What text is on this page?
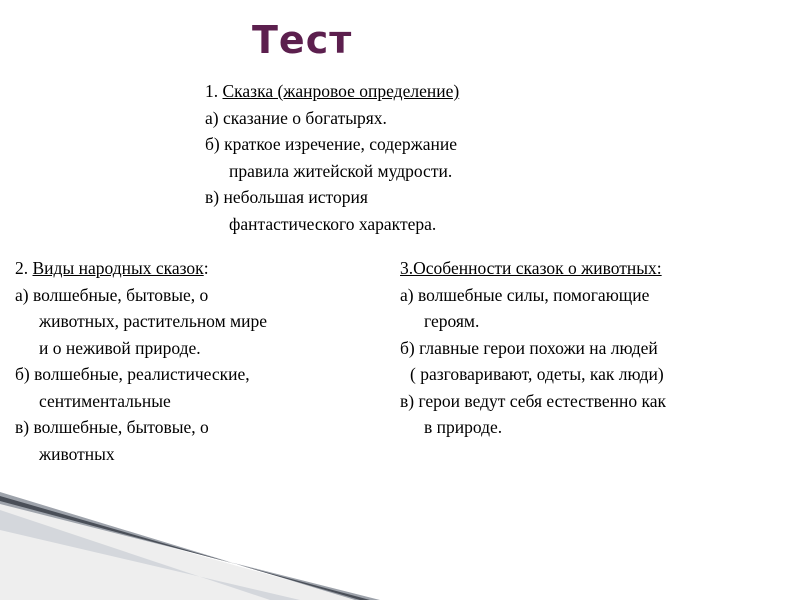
Тест
1. Сказка (жанровое определение)
а) сказание о богатырях.
б) краткое изречение, содержание
правила житейской мудрости.
в) небольшая история
фантастического характера.
2. Виды народных сказок:
а) волшебные, бытовые, о
животных, растительном мире
и о неживой природе.
б) волшебные, реалистические,
сентиментальные
в) волшебные, бытовые, о
животных
3.Особенности сказок о животных:
а) волшебные силы, помогающие
героям.
б) главные герои похожи на людей
( разговаривают, одеты, как люди)
в) герои ведут себя естественно как
в природе.
